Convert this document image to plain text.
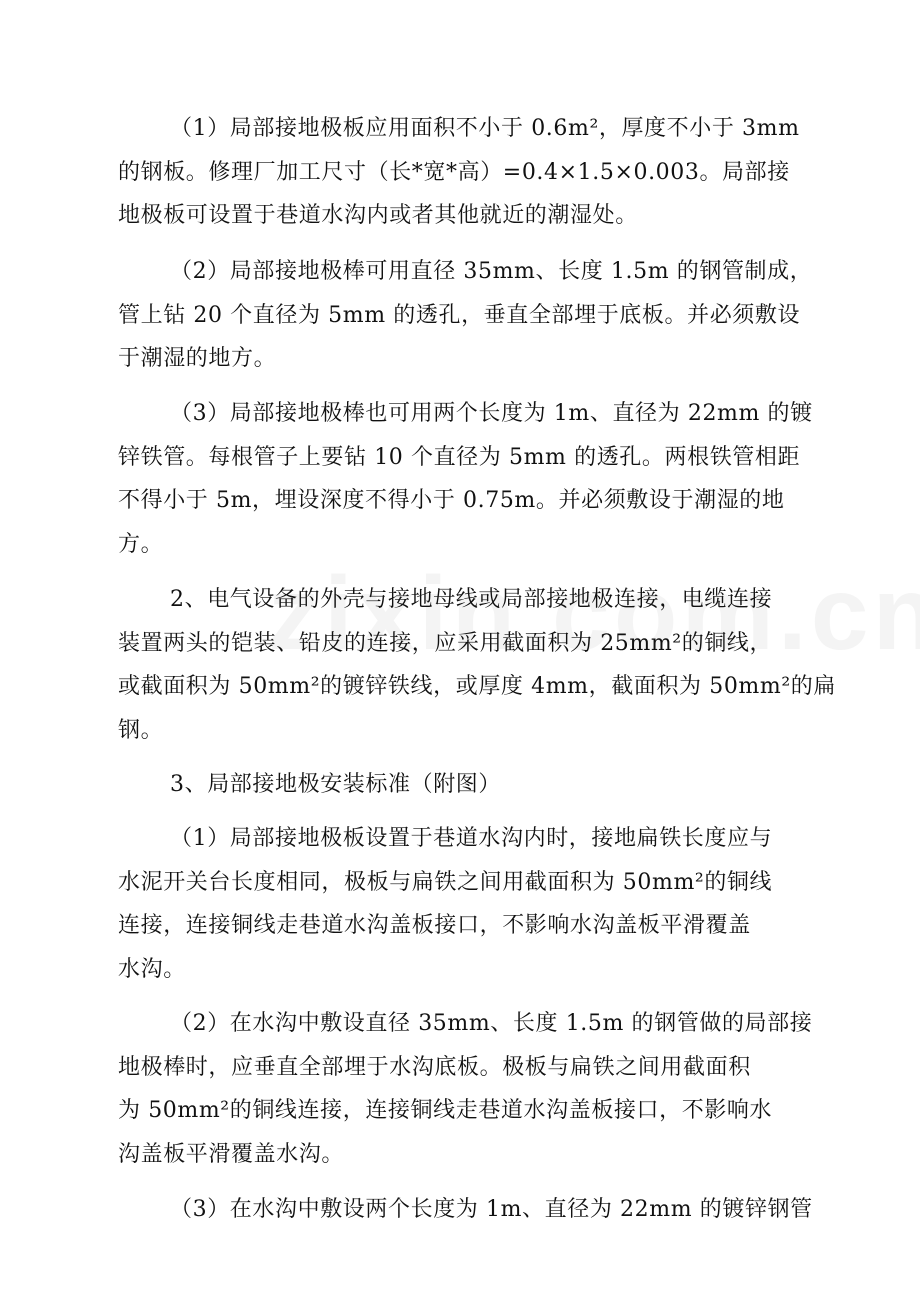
（1）局部接地极板应用面积不小于 0.6m²，厚度不小于 3mm
的钢板。修理厂加工尺寸（长*宽*高）=0.4×1.5×0.003。局部接
地极板可设置于巷道水沟内或者其他就近的潮湿处。
（2）局部接地极棒可用直径 35mm、长度 1.5m 的钢管制成，
管上钻 20 个直径为 5mm 的透孔，垂直全部埋于底板。并必须敷设
于潮湿的地方。
（3）局部接地极棒也可用两个长度为 1m、直径为 22mm 的镀
锌铁管。每根管子上要钻 10 个直径为 5mm 的透孔。两根铁管相距
不得小于 5m，埋设深度不得小于 0.75m。并必须敷设于潮湿的地
方。
2、电气设备的外壳与接地母线或局部接地极连接，电缆连接
装置两头的铠装、铅皮的连接，应采用截面积为 25mm²的铜线，
或截面积为 50mm²的镀锌铁线，或厚度 4mm，截面积为 50mm²的扁
钢。
3、局部接地极安装标准（附图）
（1）局部接地极板设置于巷道水沟内时，接地扁铁长度应与
水泥开关台长度相同，极板与扁铁之间用截面积为 50mm²的铜线
连接，连接铜线走巷道水沟盖板接口，不影响水沟盖板平滑覆盖
水沟。
（2）在水沟中敷设直径 35mm、长度 1.5m 的钢管做的局部接
地极棒时，应垂直全部埋于水沟底板。极板与扁铁之间用截面积
为 50mm²的铜线连接，连接铜线走巷道水沟盖板接口，不影响水
沟盖板平滑覆盖水沟。
（3）在水沟中敷设两个长度为 1m、直径为 22mm 的镀锌钢管
